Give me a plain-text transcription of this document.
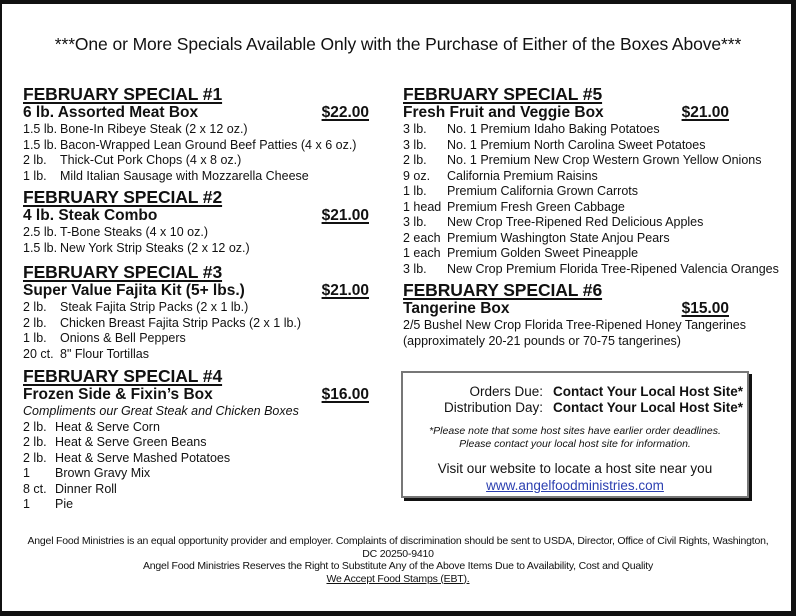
***One or More Specials Available Only with the Purchase of Either of the Boxes Above***
FEBRUARY SPECIAL #1
6 lb. Assorted Meat Box	$22.00
1.5 lb. Bone-In Ribeye Steak (2 x 12 oz.)
1.5 lb. Bacon-Wrapped Lean Ground Beef Patties (4 x 6 oz.)
2 lb.	Thick-Cut Pork Chops (4 x 8 oz.)
1 lb.	Mild Italian Sausage with Mozzarella Cheese
FEBRUARY SPECIAL #2
4 lb. Steak Combo	$21.00
2.5 lb. T-Bone Steaks (4 x 10 oz.)
1.5 lb. New York Strip Steaks (2 x 12 oz.)
FEBRUARY SPECIAL #3
Super Value Fajita Kit (5+ lbs.)	$21.00
2 lb.	Steak Fajita Strip Packs (2 x 1 lb.)
2 lb.	Chicken Breast Fajita Strip Packs (2 x 1 lb.)
1 lb.	Onions & Bell Peppers
20 ct. 8" Flour Tortillas
FEBRUARY SPECIAL #4
Frozen Side & Fixin’s Box	$16.00
Compliments our Great Steak and Chicken Boxes
2 lb. Heat & Serve Corn
2 lb. Heat & Serve Green Beans
2 lb. Heat & Serve Mashed Potatoes
1	Brown Gravy Mix
8 ct. Dinner Roll
1	Pie
FEBRUARY SPECIAL #5
Fresh Fruit and Veggie Box	$21.00
3 lb.	No. 1 Premium Idaho Baking Potatoes
3 lb.	No. 1 Premium North Carolina Sweet Potatoes
2 lb.	No. 1 Premium New Crop Western Grown Yellow Onions
9 oz.	California Premium Raisins
1 lb.	Premium California Grown Carrots
1 head Premium Fresh Green Cabbage
3 lb.	New Crop Tree-Ripened Red Delicious Apples
2 each Premium Washington State Anjou Pears
1 each Premium Golden Sweet Pineapple
3 lb.	New Crop Premium Florida Tree-Ripened Valencia Oranges
FEBRUARY SPECIAL #6
Tangerine Box	$15.00
2/5 Bushel New Crop Florida Tree-Ripened Honey Tangerines
(approximately 20-21 pounds or 70-75 tangerines)
Orders Due: Contact Your Local Host Site*
Distribution Day: Contact Your Local Host Site*
*Please note that some host sites have earlier order deadlines.
Please contact your local host site for information.
Visit our website to locate a host site near you
www.angelfoodministries.com
Angel Food Ministries is an equal opportunity provider and employer. Complaints of discrimination should be sent to USDA, Director, Office of Civil Rights, Washington, DC 20250-9410
Angel Food Ministries Reserves the Right to Substitute Any of the Above Items Due to Availability, Cost and Quality
We Accept Food Stamps (EBT).
